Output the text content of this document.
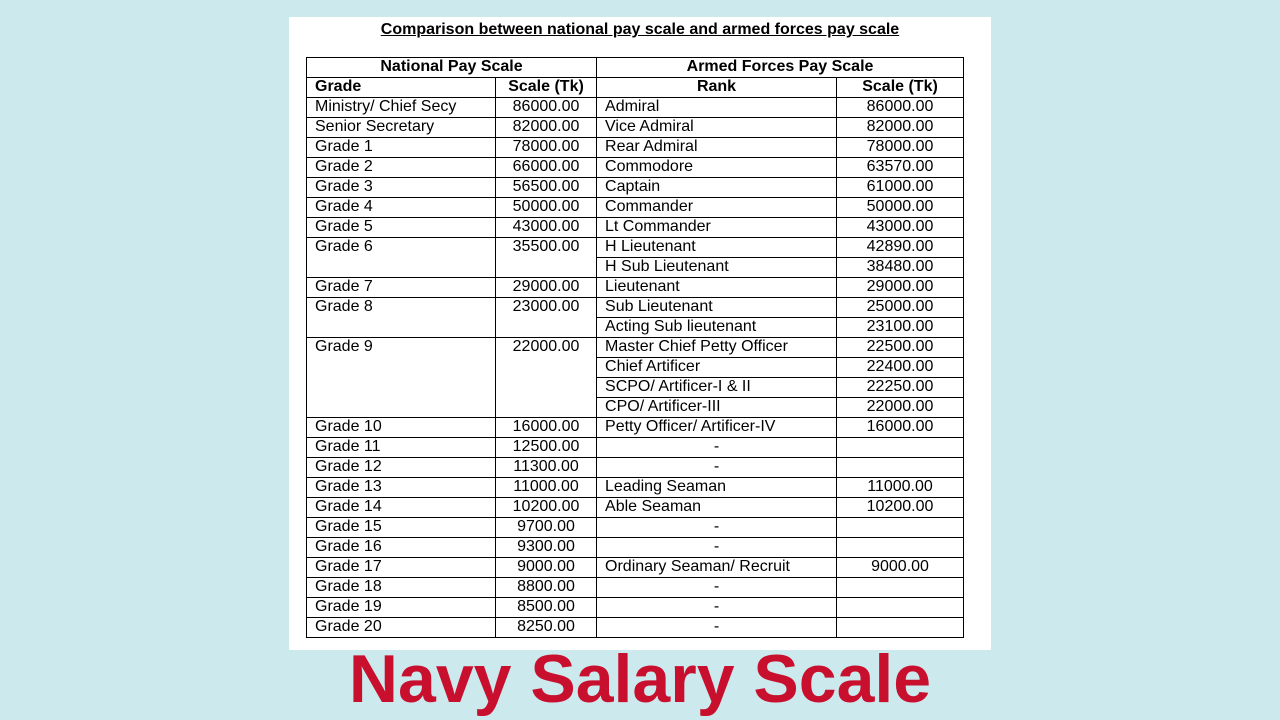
Comparison between national pay scale and armed forces pay scale
National Pay Scale		Armed Forces Pay Scale	
Grade	Scale (Tk)	Rank	Scale (Tk)
Ministry/ Chief Secy	86000.00	Admiral	86000.00
Senior Secretary	82000.00	Vice Admiral	82000.00
Grade 1	78000.00	Rear Admiral	78000.00
Grade 2	66000.00	Commodore	63570.00
Grade 3	56500.00	Captain	61000.00
Grade 4	50000.00	Commander	50000.00
Grade 5	43000.00	Lt Commander	43000.00
Grade 6	35500.00	H Lieutenant	42890.00
		H Sub Lieutenant	38480.00
Grade 7	29000.00	Lieutenant	29000.00
Grade 8	23000.00	Sub Lieutenant	25000.00
		Acting Sub lieutenant	23100.00
Grade 9	22000.00	Master Chief Petty Officer	22500.00
		Chief Artificer	22400.00
		SCPO/ Artificer-I & II	22250.00
		CPO/ Artificer-III	22000.00
Grade 10	16000.00	Petty Officer/ Artificer-IV	16000.00
Grade 11	12500.00	-	
Grade 12	11300.00	-	
Grade 13	11000.00	Leading Seaman	11000.00
Grade 14	10200.00	Able Seaman	10200.00
Grade 15	9700.00	-	
Grade 16	9300.00	-	
Grade 17	9000.00	Ordinary Seaman/ Recruit	9000.00
Grade 18	8800.00	-	
Grade 19	8500.00	-	
Grade 20	8250.00	-	
Navy Salary Scale
